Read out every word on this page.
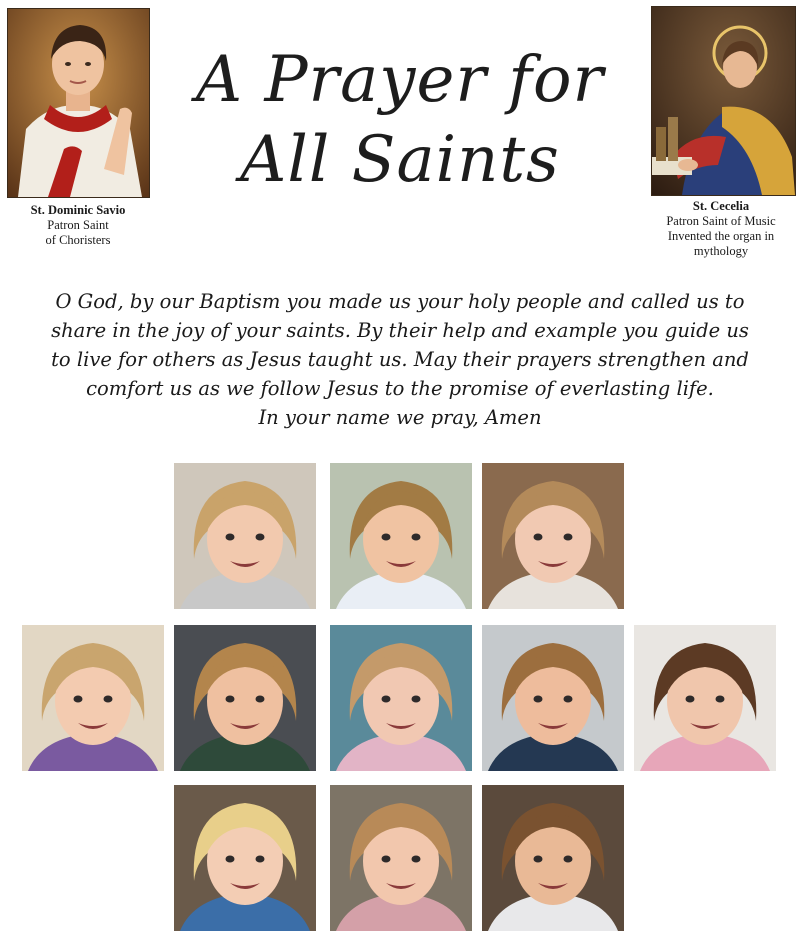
St. Dominic Savio
Patron Saint
of Choristers
A Prayer for
All Saints
St. Cecelia
Patron Saint of Music
Invented the organ in
mythology
O God, by our Baptism you made us your holy people and called us to
share in the joy of your saints. By their help and example you guide us
to live for others as Jesus taught us. May their prayers strengthen and
comfort us as we follow Jesus to the promise of everlasting life.
In your name we pray, Amen
